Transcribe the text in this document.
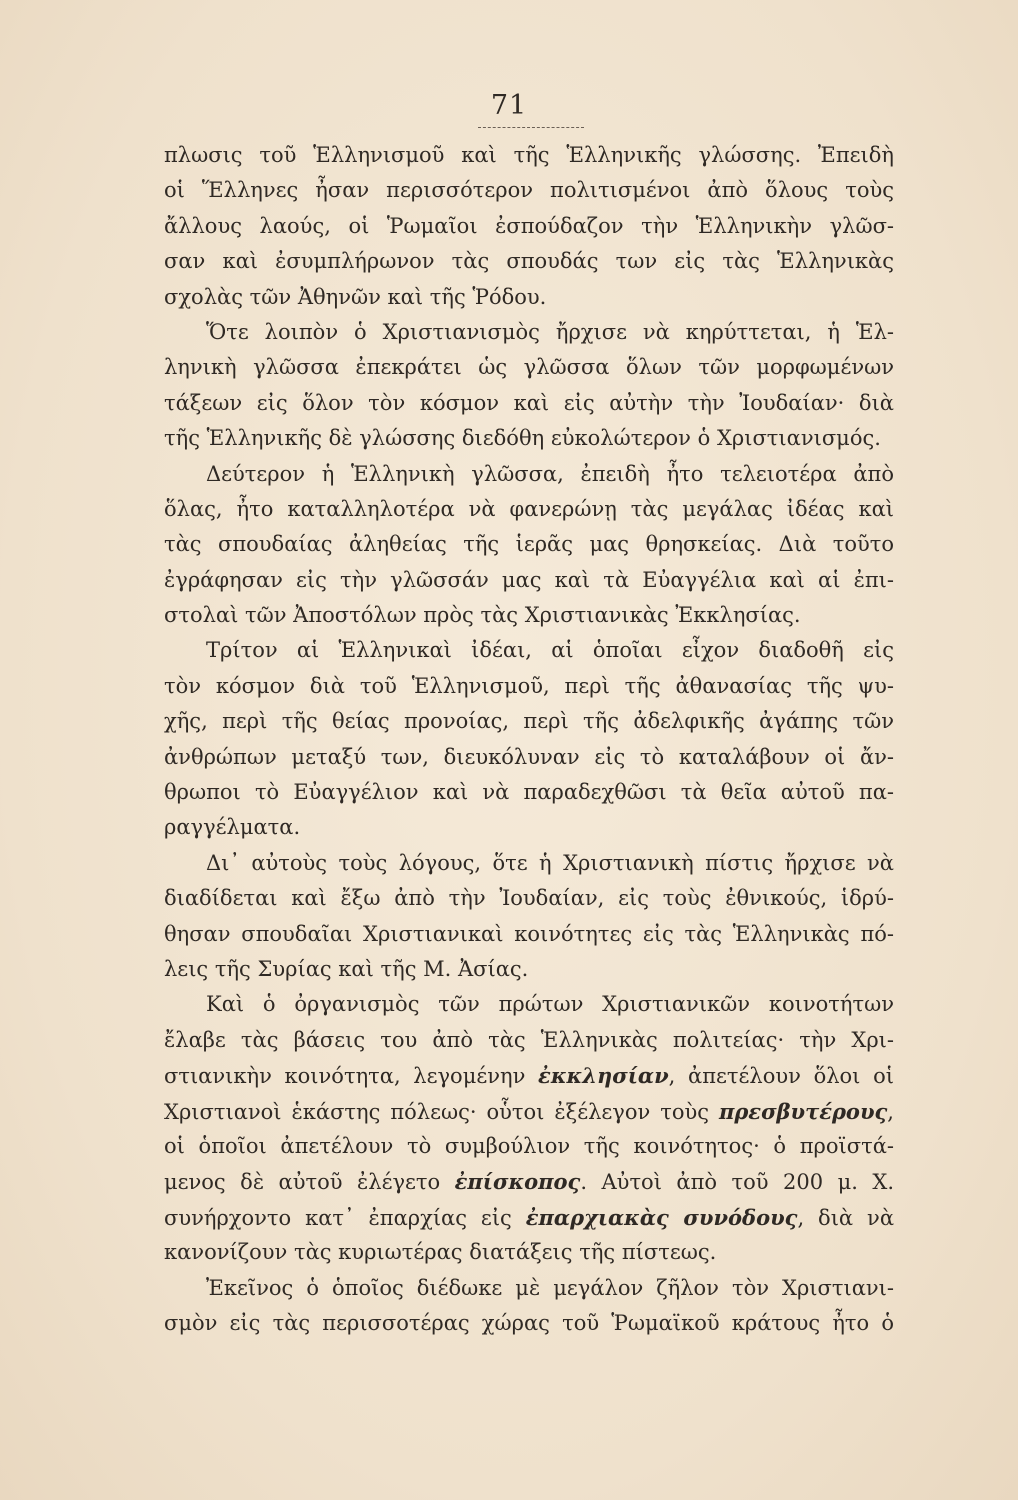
71
πλωσις τοῦ Ἑλληνισμοῦ καὶ τῆς Ἑλληνικῆς γλώσσης. Ἐπειδὴ
οἱ Ἕλληνες ἦσαν περισσότερον πολιτισμένοι ἀπὸ ὅλους τοὺς
ἄλλους λαούς, οἱ Ῥωμαῖοι ἐσπούδαζον τὴν Ἑλληνικὴν γλῶσ-
σαν καὶ ἐσυμπλήρωνον τὰς σπουδάς των εἰς τὰς Ἑλληνικὰς
σχολὰς τῶν Ἀθηνῶν καὶ τῆς Ῥόδου.
Ὅτε λοιπὸν ὁ Χριστιανισμὸς ἤρχισε νὰ κηρύττεται, ἡ Ἑλ-
ληνικὴ γλῶσσα ἐπεκράτει ὡς γλῶσσα ὅλων τῶν μορφωμένων
τάξεων εἰς ὅλον τὸν κόσμον καὶ εἰς αὐτὴν τὴν Ἰουδαίαν· διὰ
τῆς Ἑλληνικῆς δὲ γλώσσης διεδόθη εὐκολώτερον ὁ Χριστιανισμός.
Δεύτερον ἡ Ἑλληνικὴ γλῶσσα, ἐπειδὴ ἦτο τελειοτέρα ἀπὸ
ὅλας, ἦτο καταλληλοτέρα νὰ φανερώνῃ τὰς μεγάλας ἰδέας καὶ
τὰς σπουδαίας ἀληθείας τῆς ἱερᾶς μας θρησκείας. Διὰ τοῦτο
ἐγράφησαν εἰς τὴν γλῶσσάν μας καὶ τὰ Εὐαγγέλια καὶ αἱ ἐπι-
στολαὶ τῶν Ἀποστόλων πρὸς τὰς Χριστιανικὰς Ἐκκλησίας.
Τρίτον αἱ Ἑλληνικαὶ ἰδέαι, αἱ ὁποῖαι εἶχον διαδοθῆ εἰς
τὸν κόσμον διὰ τοῦ Ἑλληνισμοῦ, περὶ τῆς ἀθανασίας τῆς ψυ-
χῆς, περὶ τῆς θείας προνοίας, περὶ τῆς ἀδελφικῆς ἀγάπης τῶν
ἀνθρώπων μεταξύ των, διευκόλυναν εἰς τὸ καταλάβουν οἱ ἄν-
θρωποι τὸ Εὐαγγέλιον καὶ νὰ παραδεχθῶσι τὰ θεῖα αὐτοῦ πα-
ραγγέλματα.
Δι᾽ αὐτοὺς τοὺς λόγους, ὅτε ἡ Χριστιανικὴ πίστις ἤρχισε νὰ
διαδίδεται καὶ ἔξω ἀπὸ τὴν Ἰουδαίαν, εἰς τοὺς ἐθνικούς, ἱδρύ-
θησαν σπουδαῖαι Χριστιανικαὶ κοινότητες εἰς τὰς Ἑλληνικὰς πό-
λεις τῆς Συρίας καὶ τῆς Μ. Ἀσίας.
Καὶ ὁ ὀργανισμὸς τῶν πρώτων Χριστιανικῶν κοινοτήτων
ἔλαβε τὰς βάσεις του ἀπὸ τὰς Ἑλληνικὰς πολιτείας· τὴν Χρι-
στιανικὴν κοινότητα, λεγομένην ἐκκλησίαν, ἀπετέλουν ὅλοι οἱ
Χριστιανοὶ ἑκάστης πόλεως· οὗτοι ἐξέλεγον τοὺς πρεσβυτέρους,
οἱ ὁποῖοι ἀπετέλουν τὸ συμβούλιον τῆς κοινότητος· ὁ προϊστά-
μενος δὲ αὐτοῦ ἐλέγετο ἐπίσκοπος. Αὐτοὶ ἀπὸ τοῦ 200 μ. Χ.
συνήρχοντο κατ᾽ ἐπαρχίας εἰς ἐπαρχιακὰς συνόδους, διὰ νὰ
κανονίζουν τὰς κυριωτέρας διατάξεις τῆς πίστεως.
Ἐκεῖνος ὁ ὁποῖος διέδωκε μὲ μεγάλον ζῆλον τὸν Χριστιανι-
σμὸν εἰς τὰς περισσοτέρας χώρας τοῦ Ῥωμαϊκοῦ κράτους ἦτο ὁ
